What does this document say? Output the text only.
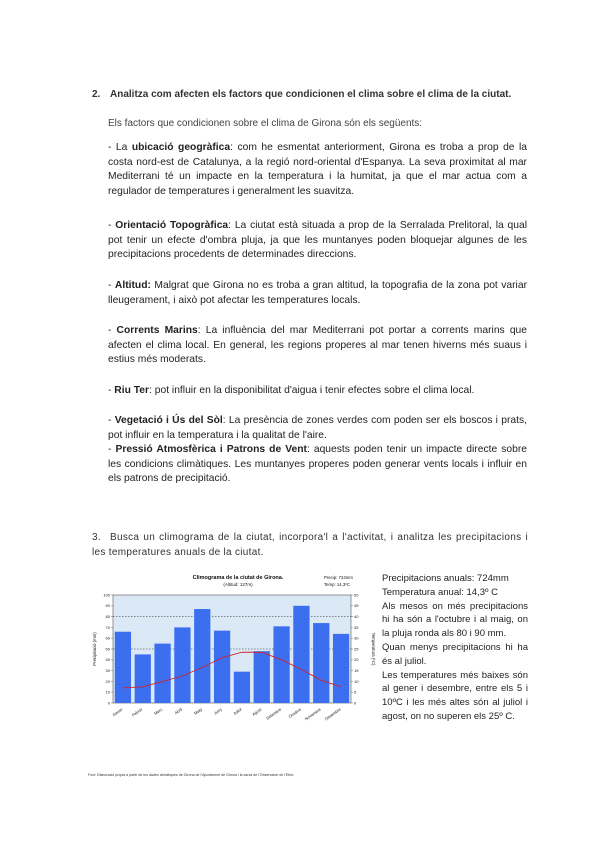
2. Analitza com afecten els factors que condicionen el clima sobre el clima de la ciutat.

Els factors que condicionen sobre el clima de Girona són els següents:

- La ubicació geogràfica: com he esmentat anteriorment, Girona es troba a prop de la costa nord-est de Catalunya, a la regió nord-oriental d'Espanya. La seva proximitat al mar Mediterrani té un impacte en la temperatura i la humitat, ja que el mar actua com a regulador de temperatures i generalment les suavitza.

- Orientació Topogràfica: La ciutat està situada a prop de la Serralada Prelitoral, la qual pot tenir un efecte d'ombra pluja, ja que les muntanyes poden bloquejar algunes de les precipitacions procedents de determinades direccions.

- Altitud: Malgrat que Girona no es troba a gran altitud, la topografia de la zona pot variar lleugerament, i això pot afectar les temperatures locals.

- Corrents Marins: La influència del mar Mediterrani pot portar a corrents marins que afecten el clima local. En general, les regions properes al mar tenen hiverns més suaus i estius més moderats.

- Riu Ter: pot influir en la disponibilitat d'aigua i tenir efectes sobre el clima local.

- Vegetació i Ús del Sòl: La presència de zones verdes com poden ser els boscos i prats, pot influir en la temperatura i la qualitat de l'aire.

- Pressió Atmosfèrica i Patrons de Vent: aquests poden tenir un impacte directe sobre les condicions climàtiques. Les muntanyes properes poden generar vents locals i influir en els patrons de precipitació.

3. Busca un climograma de la ciutat, incorpora'l a l'activitat, i analitza les precipitacions i les temperatures anuals de la ciutat.

0
10
20
30
40
50
60
70
80
90
100
0
5
10
15
20
25
30
35
40
45
50
Gener Febrer Març	Abril Maig	Juny Juliol Agost Setembre Octubre Novembre Desembre
Climograma de la ciutat de Girona.
(Altitud: 127m)
Precip: 724mm
Temp: 14,3ºC
Precipitació (mm)	Temperatura (ºC)
Font: Elaboració pròpia a partir de les dades climàtiques de Girona de l'Ajuntament de Girona i la xarxa de l'Observatori de l'Ebre.

Precipitacions anuals: 724mm

Temperatura anual: 14,3º C

Als mesos on més precipitacions hi ha són a l'octubre i al maig, on la pluja ronda als 80 i 90 mm.

Quan menys precipitacions hi ha és al juliol.

Les temperatures més baixes són al gener i desembre, entre els 5 i 10ºC i les més altes són al juliol i agost, on no superen els 25º C.
